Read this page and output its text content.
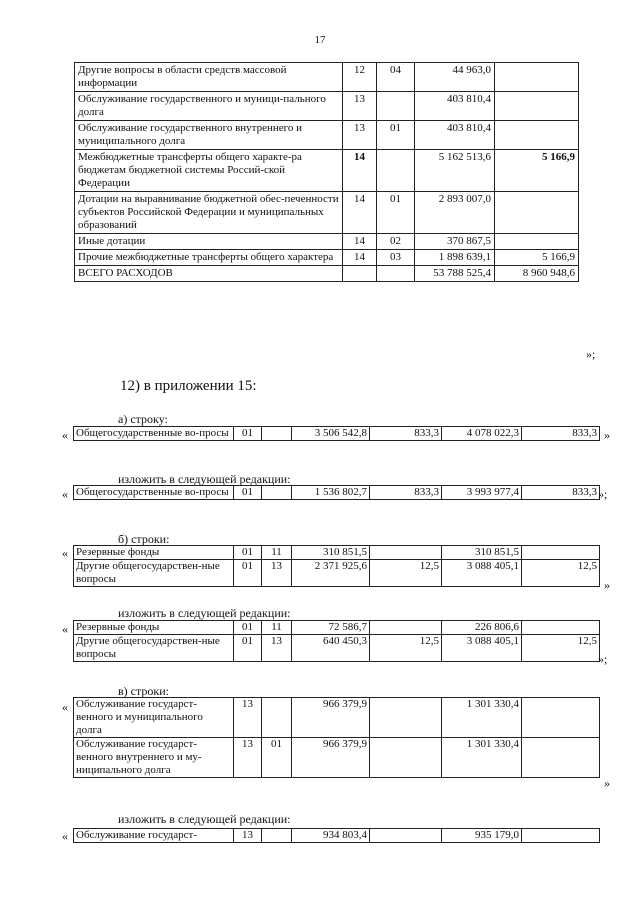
17
Другие вопросы в области средств массовой информации	12	04	44 963,0	
Обслуживание государственного и муници-пального долга	13		403 810,4	
Обслуживание государственного внутреннего и муниципального долга	13	01	403 810,4	
Межбюджетные трансферты общего характе-ра бюджетам бюджетной системы Россий-ской Федерации	14		5 162 513,6	5 166,9
Дотации на выравнивание бюджетной обес-печенности субъектов Российской Федерации и муниципальных образований	14	01	2 893 007,0	
Иные дотации	14	02	370 867,5	
Прочие межбюджетные трансферты общего характера	14	03	1 898 639,1	5 166,9
ВСЕГО РАСХОДОВ			53 788 525,4	8 960 948,6
»;
12) в приложении 15:
а) строку:
« Общегосударственные во-просы	01		3 506 542,8	833,3	4 078 022,3	833,3 »
изложить в следующей редакции:
« Общегосударственные во-просы	01		1 536 802,7	833,3	3 993 977,4	833,3 »;
б) строки:
« Резервные фонды	01	11	310 851,5		310 851,5	
Другие общегосударствен-ные вопросы	01	13	2 371 925,6	12,5	3 088 405,1	12,5
»
изложить в следующей редакции:
« Резервные фонды	01	11	72 586,7		226 806,6	
Другие общегосударствен-ные вопросы	01	13	640 450,3	12,5	3 088 405,1	12,5
»;
в) строки:
« Обслуживание государст-венного и муниципального долга	13		966 379,9		1 301 330,4	
Обслуживание государст-венного внутреннего и му-ниципального долга	13	01	966 379,9		1 301 330,4	
»
изложить в следующей редакции:
« Обслуживание государст-	13		934 803,4		935 179,0	
